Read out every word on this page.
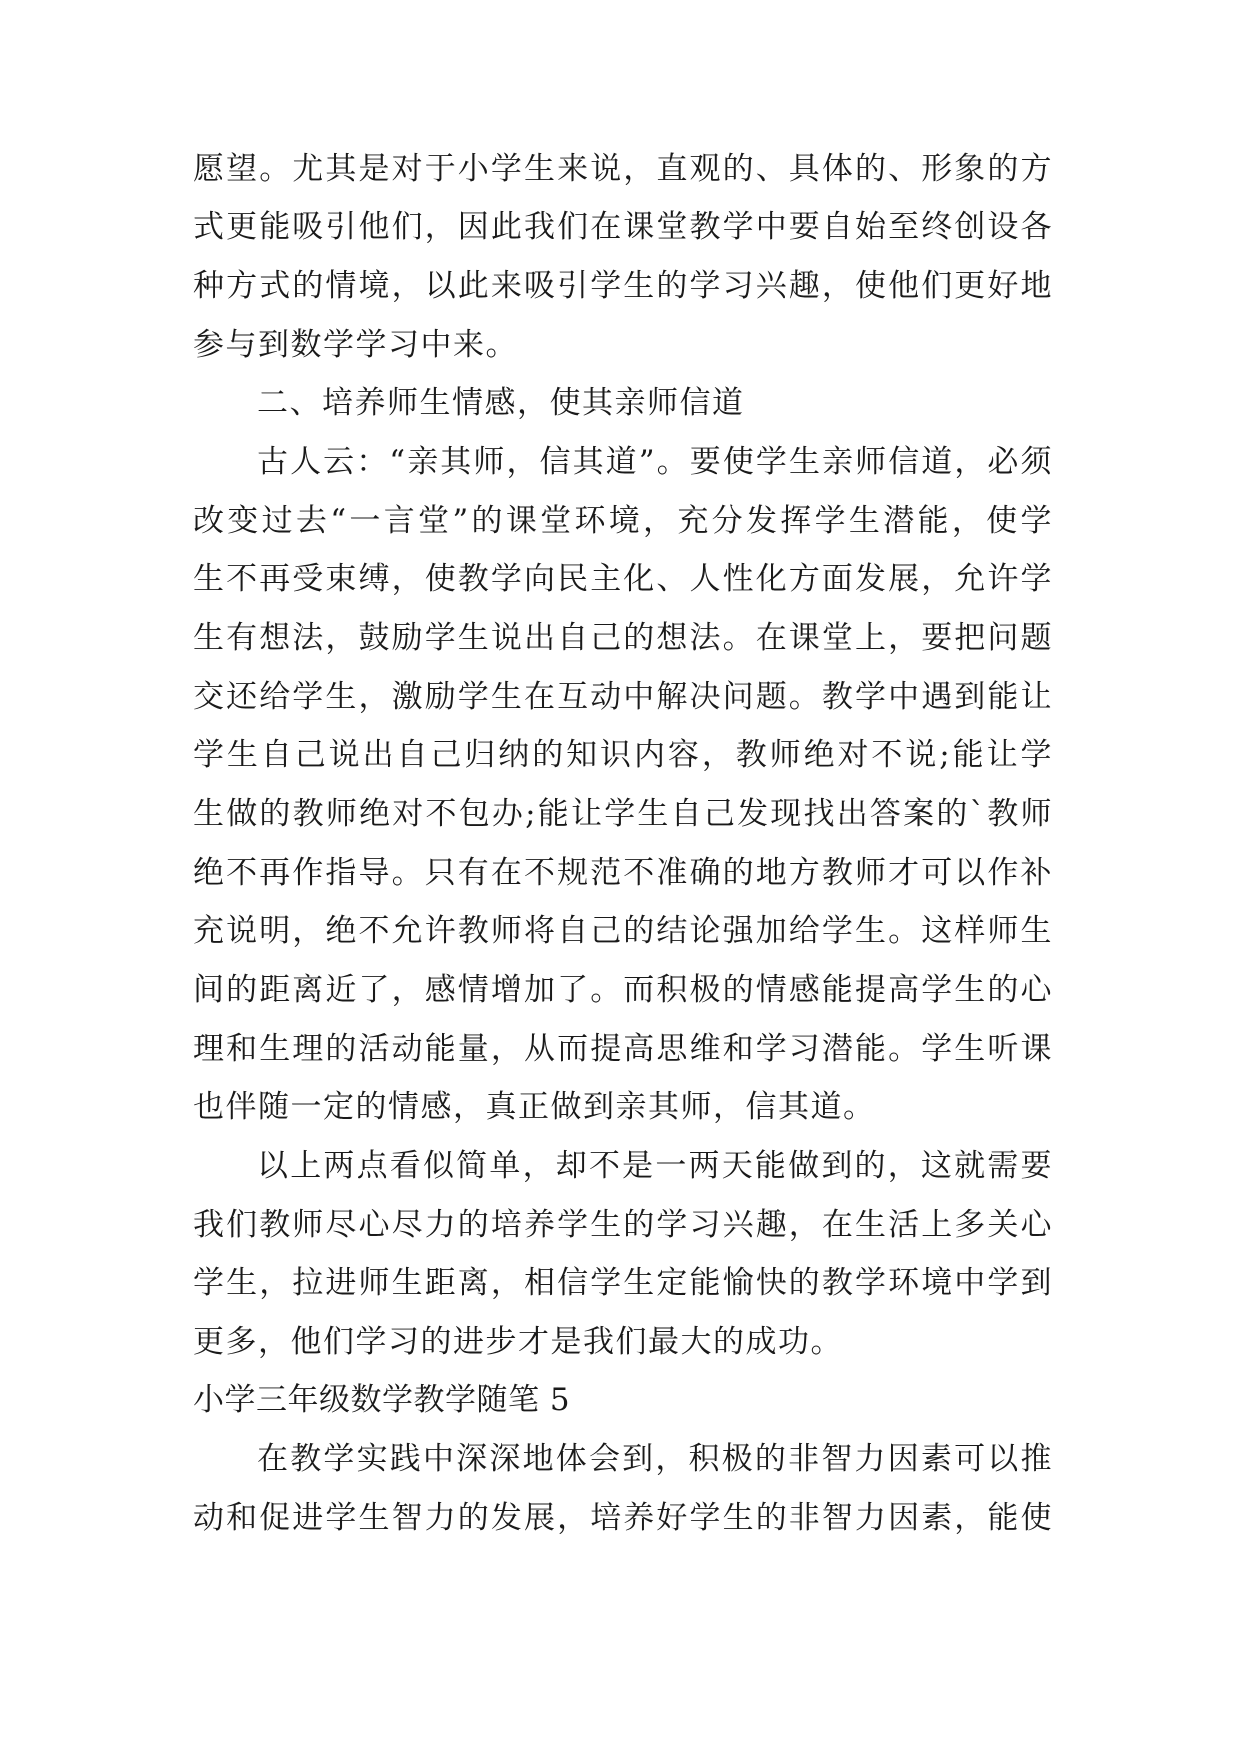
愿望。尤其是对于小学生来说，直观的、具体的、形象的方
式更能吸引他们，因此我们在课堂教学中要自始至终创设各
种方式的情境，以此来吸引学生的学习兴趣，使他们更好地
参与到数学学习中来。
二、培养师生情感，使其亲师信道
古人云：“亲其师，信其道”。要使学生亲师信道，必须
改变过去“一言堂”的课堂环境，充分发挥学生潜能，使学
生不再受束缚，使教学向民主化、人性化方面发展，允许学
生有想法，鼓励学生说出自己的想法。在课堂上，要把问题
交还给学生，激励学生在互动中解决问题。教学中遇到能让
学生自己说出自己归纳的知识内容，教师绝对不说;能让学
生做的教师绝对不包办;能让学生自己发现找出答案的`教师
绝不再作指导。只有在不规范不准确的地方教师才可以作补
充说明，绝不允许教师将自己的结论强加给学生。这样师生
间的距离近了，感情增加了。而积极的情感能提高学生的心
理和生理的活动能量，从而提高思维和学习潜能。学生听课
也伴随一定的情感，真正做到亲其师，信其道。
以上两点看似简单，却不是一两天能做到的，这就需要
我们教师尽心尽力的培养学生的学习兴趣，在生活上多关心
学生，拉进师生距离，相信学生定能愉快的教学环境中学到
更多，他们学习的进步才是我们最大的成功。
小学三年级数学教学随笔 5
在教学实践中深深地体会到，积极的非智力因素可以推
动和促进学生智力的发展，培养好学生的非智力因素，能使
